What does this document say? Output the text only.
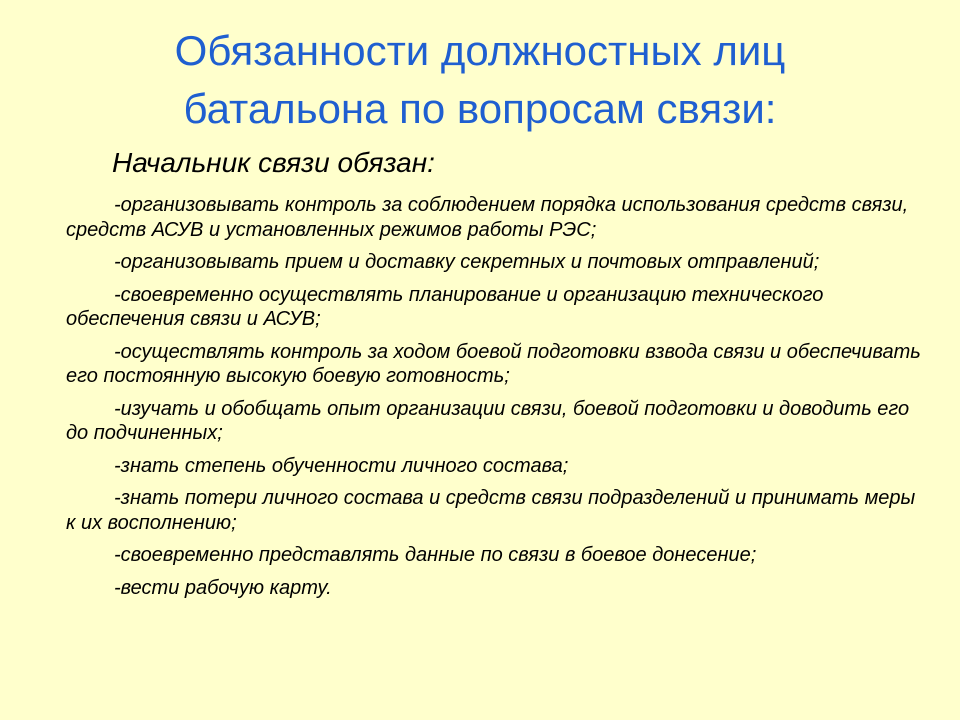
Обязанности должностных лиц
батальона по вопросам связи:

Начальник связи обязан:

-организовывать контроль за соблюдением порядка использования средств связи, средств АСУВ и установленных режимов работы РЭС;
-организовывать прием и доставку секретных и почтовых отправлений;
-своевременно осуществлять планирование и организацию технического обеспечения связи и АСУВ;
-осуществлять контроль за ходом боевой подготовки взвода связи и обеспечивать его постоянную высокую боевую готовность;
-изучать и обобщать опыт организации связи, боевой подготовки и доводить его до подчиненных;
-знать степень обученности личного состава;
-знать потери личного состава и средств связи подразделений и принимать меры к их восполнению;
-своевременно представлять данные по связи в боевое донесение;
-вести рабочую карту.
